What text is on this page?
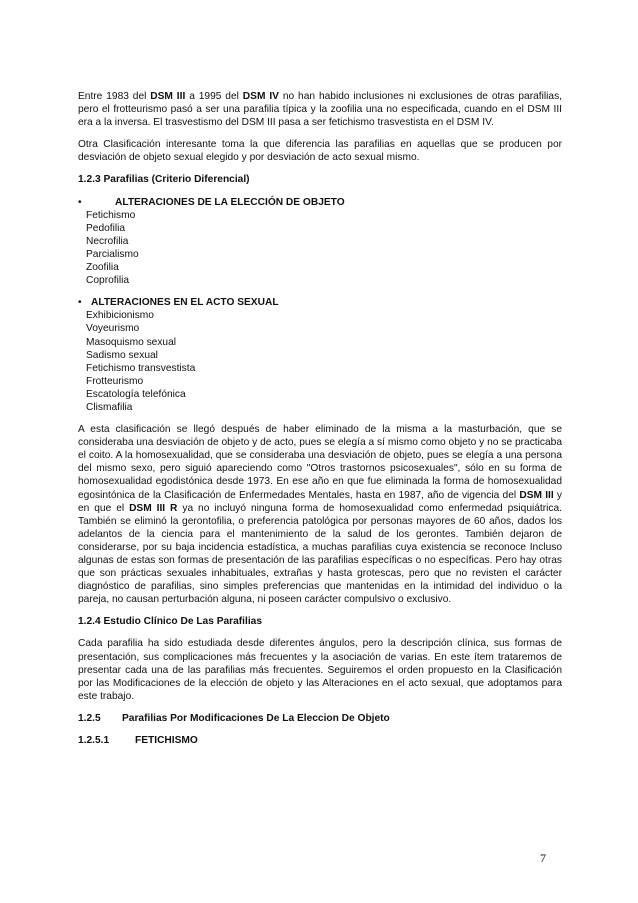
Entre 1983 del DSM III a 1995 del DSM IV no han habido inclusiones ni exclusiones de otras parafilias, pero el frotteurismo pasó a ser una parafilia típica y la zoofilia una no especificada, cuando en el DSM III era a la inversa. El trasvestismo del DSM III pasa a ser fetichismo trasvestista en el DSM IV.

Otra Clasificación interesante toma la que diferencia las parafilias en aquellas que se producen por desviación de objeto sexual elegido y por desviación de acto sexual mismo.

1.2.3 Parafilias (Criterio Diferencial)

•	ALTERACIONES DE LA ELECCIÓN DE OBJETO
Fetichismo
Pedofilia
Necrofilia
Parcialismo
Zoofilia
Coprofilia
• ALTERACIONES EN EL ACTO SEXUAL
Exhibicionismo
Voyeurismo
Masoquismo sexual
Sadismo sexual
Fetichismo transvestista
Frotteurismo
Escatología telefónica
Clismafilia

A esta clasificación se llegó después de haber eliminado de la misma a la masturbación, que se consideraba una desviación de objeto y de acto, pues se elegía a sí mismo como objeto y no se practicaba el coito. A la homosexualidad, que se consideraba una desviación de objeto, pues se elegía a una persona del mismo sexo, pero siguió apareciendo como "Otros trastornos psicosexuales", sólo en su forma de homosexualidad egodistónica desde 1973. En ese año en que fue eliminada la forma de homosexualidad egosintónica de la Clasificación de Enfermedades Mentales, hasta en 1987, año de vigencia del DSM III y en que el DSM III R ya no incluyó ninguna forma de homosexualidad como enfermedad psiquiátrica. También se eliminó la gerontofilia, o preferencia patológica por personas mayores de 60 años, dados los adelantos de la ciencia para el mantenimiento de la salud de los gerontes. También dejaron de considerarse, por su baja incidencia estadística, a muchas parafilias cuya existencia se reconoce Incluso algunas de estas son formas de presentación de las parafilias específicas o no específicas. Pero hay otras que son prácticas sexuales inhabituales, extrañas y hasta grotescas, pero que no revisten el carácter diagnóstico de parafilias, sino simples preferencias que mantenidas en la intimidad del individuo o la pareja, no causan perturbación alguna, ni poseen carácter compulsivo o exclusivo.

1.2.4 Estudio Clínico De Las Parafilias

Cada parafilia ha sido estudiada desde diferentes ángulos, pero la descripción clínica, sus formas de presentación, sus complicaciones más frecuentes y la asociación de varias. En este ítem trataremos de presentar cada una de las parafilias más frecuentes. Seguiremos el orden propuesto en la Clasificación por las Modificaciones de la elección de objeto y las Alteraciones en el acto sexual, que adoptamos para este trabajo.

1.2.5 Parafilias Por Modificaciones De La Eleccion De Objeto

1.2.5.1	FETICHISMO

7
